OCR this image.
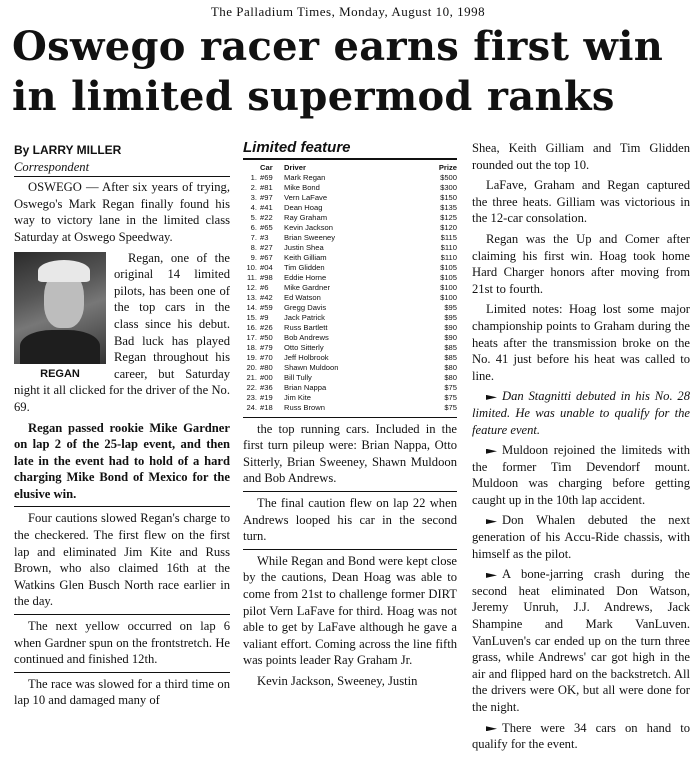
The Palladium Times, Monday, August 10, 1998
Oswego racer earns first win in limited supermod ranks
By LARRY MILLER
Correspondent

OSWEGO — After six years of trying, Oswego's Mark Regan finally found his way to victory lane in the limited class Saturday at Oswego Speedway.

REGAN

Regan, one of the original 14 limited pilots, has been one of the top cars in the class since his debut. Bad luck has played Regan throughout his career, but Saturday night it all clicked for the driver of the No. 69.

Regan passed rookie Mike Gardner on lap 2 of the 25-lap event, and then late in the event had to hold of a hard charging Mike Bond of Mexico for the elusive win.

Four cautions slowed Regan's charge to the checkered. The first flew on the first lap and eliminated Jim Kite and Russ Brown, who also claimed 16th at the Watkins Glen Busch North race earlier in the day.

The next yellow occurred on lap 6 when Gardner spun on the frontstretch. He continued and finished 12th.

The race was slowed for a third time on lap 10 and damaged many of

Limited feature
Car	Driver	Prize
1. #69	Mark Regan	$500
2. #81	Mike Bond	$300
3. #97	Vern LaFave	$150
4. #41	Dean Hoag	$135
5. #22	Ray Graham	$125
6. #65	Kevin Jackson	$120
7. #3	Brian Sweeney	$115
8. #27	Justin Shea	$110
9. #67	Keith Gilliam	$110
10. #04	Tim Glidden	$105
11. #98	Eddie Horne	$105
12. #6	Mike Gardner	$100
13. #42	Ed Watson	$100
14. #59	Gregg Davis	$95
15. #9	Jack Patrick	$95
16. #26	Russ Bartlett	$90
17. #50	Bob Andrews	$90
18. #79	Otto Sitterly	$85
19. #70	Jeff Holbrook	$85
20. #80	Shawn Muldoon	$80
21. #00	Bill Tully	$80
22. #36	Brian Nappa	$75
23. #19	Jim Kite	$75
24. #18	Russ Brown	$75

the top running cars. Included in the first turn pileup were: Brian Nappa, Otto Sitterly, Brian Sweeney, Shawn Muldoon and Bob Andrews.

The final caution flew on lap 22 when Andrews looped his car in the second turn.

While Regan and Bond were kept close by the cautions, Dean Hoag was able to come from 21st to challenge former DIRT pilot Vern LaFave for third. Hoag was not able to get by LaFave although he gave a valiant effort. Coming across the line fifth was points leader Ray Graham Jr.

Kevin Jackson, Sweeney, Justin

Shea, Keith Gilliam and Tim Glidden rounded out the top 10.

LaFave, Graham and Regan captured the three heats. Gilliam was victorious in the 12-car consolation.

Regan was the Up and Comer after claiming his first win. Hoag took home Hard Charger honors after moving from 21st to fourth.

Limited notes: Hoag lost some major championship points to Graham during the heats after the transmission broke on the No. 41 just before his heat was called to line.

Dan Stagnitti debuted in his No. 28 limited. He was unable to qualify for the feature event.

Muldoon rejoined the limiteds with the former Tim Devendorf mount. Muldoon was charging before getting caught up in the 10th lap accident.

Don Whalen debuted the next generation of his Accu-Ride chassis, with himself as the pilot.

A bone-jarring crash during the second heat eliminated Don Watson, Jeremy Unruh, J.J. Andrews, Jack Shampine and Mark VanLuven. VanLuven's car ended up on the turn three grass, while Andrews' car got high in the air and flipped hard on the backstretch. All the drivers were OK, but all were done for the night.

There were 34 cars on hand to qualify for the event.
